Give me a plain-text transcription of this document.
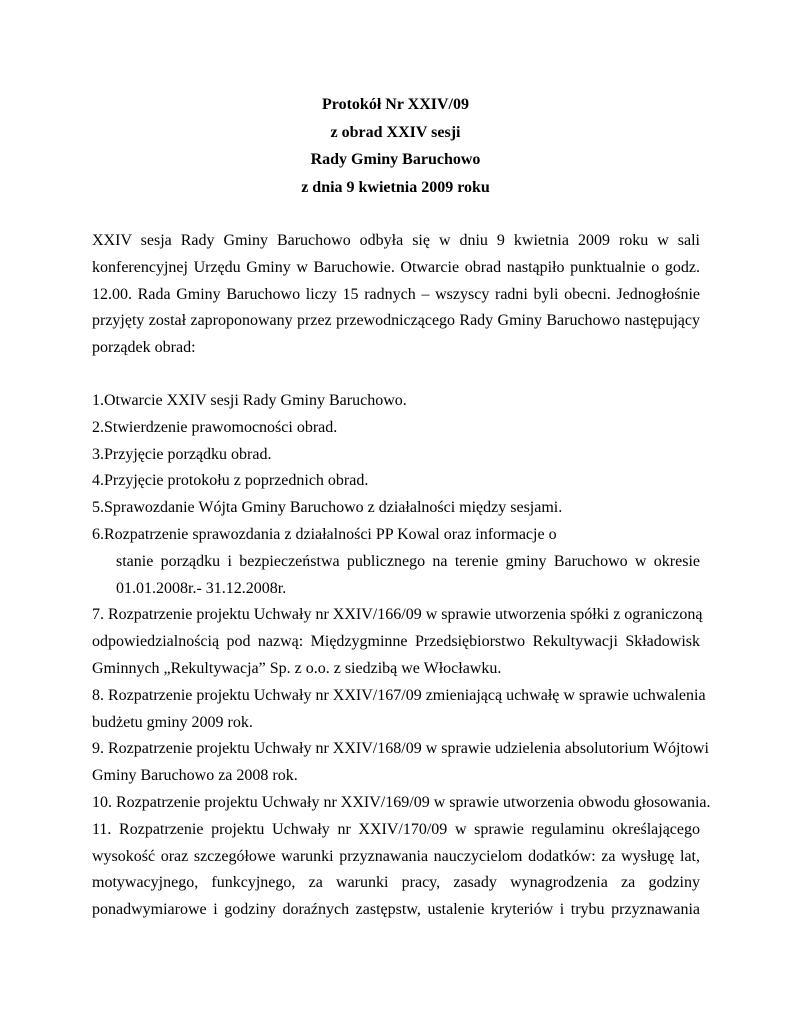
Protokół Nr XXIV/09
z obrad XXIV sesji
Rady Gminy Baruchowo
z dnia 9 kwietnia 2009 roku
XXIV sesja Rady Gminy Baruchowo odbyła się w dniu 9 kwietnia 2009 roku w sali
konferencyjnej Urzędu Gminy w Baruchowie. Otwarcie obrad nastąpiło punktualnie o godz.
12.00. Rada Gminy Baruchowo liczy 15 radnych – wszyscy radni byli obecni. Jednogłośnie
przyjęty został zaproponowany przez przewodniczącego Rady Gminy Baruchowo następujący
porządek obrad:
1.Otwarcie XXIV sesji Rady Gminy Baruchowo.
2.Stwierdzenie prawomocności obrad.
3.Przyjęcie porządku obrad.
4.Przyjęcie protokołu z poprzednich obrad.
5.Sprawozdanie Wójta Gminy Baruchowo z działalności między sesjami.
6.Rozpatrzenie sprawozdania z działalności PP Kowal oraz informacje o
stanie porządku i bezpieczeństwa publicznego na terenie gminy Baruchowo w okresie
01.01.2008r.- 31.12.2008r.
7. Rozpatrzenie projektu Uchwały nr XXIV/166/09 w sprawie utworzenia spółki z ograniczoną
odpowiedzialnością pod nazwą: Międzygminne Przedsiębiorstwo Rekultywacji Składowisk
Gminnych „Rekultywacja” Sp. z o.o. z siedzibą we Włocławku.
8. Rozpatrzenie projektu Uchwały nr XXIV/167/09 zmieniającą uchwałę w sprawie uchwalenia
budżetu gminy 2009 rok.
9. Rozpatrzenie projektu Uchwały nr XXIV/168/09 w sprawie udzielenia absolutorium Wójtowi
Gminy Baruchowo za 2008 rok.
10. Rozpatrzenie projektu Uchwały nr XXIV/169/09 w sprawie utworzenia obwodu głosowania.
11. Rozpatrzenie projektu Uchwały nr XXIV/170/09 w sprawie regulaminu określającego
wysokość oraz szczegółowe warunki przyznawania nauczycielom dodatków: za wysługę lat,
motywacyjnego, funkcyjnego, za warunki pracy, zasady wynagrodzenia za godziny
ponadwymiarowe i godziny doraźnych zastępstw, ustalenie kryteriów i trybu przyznawania
